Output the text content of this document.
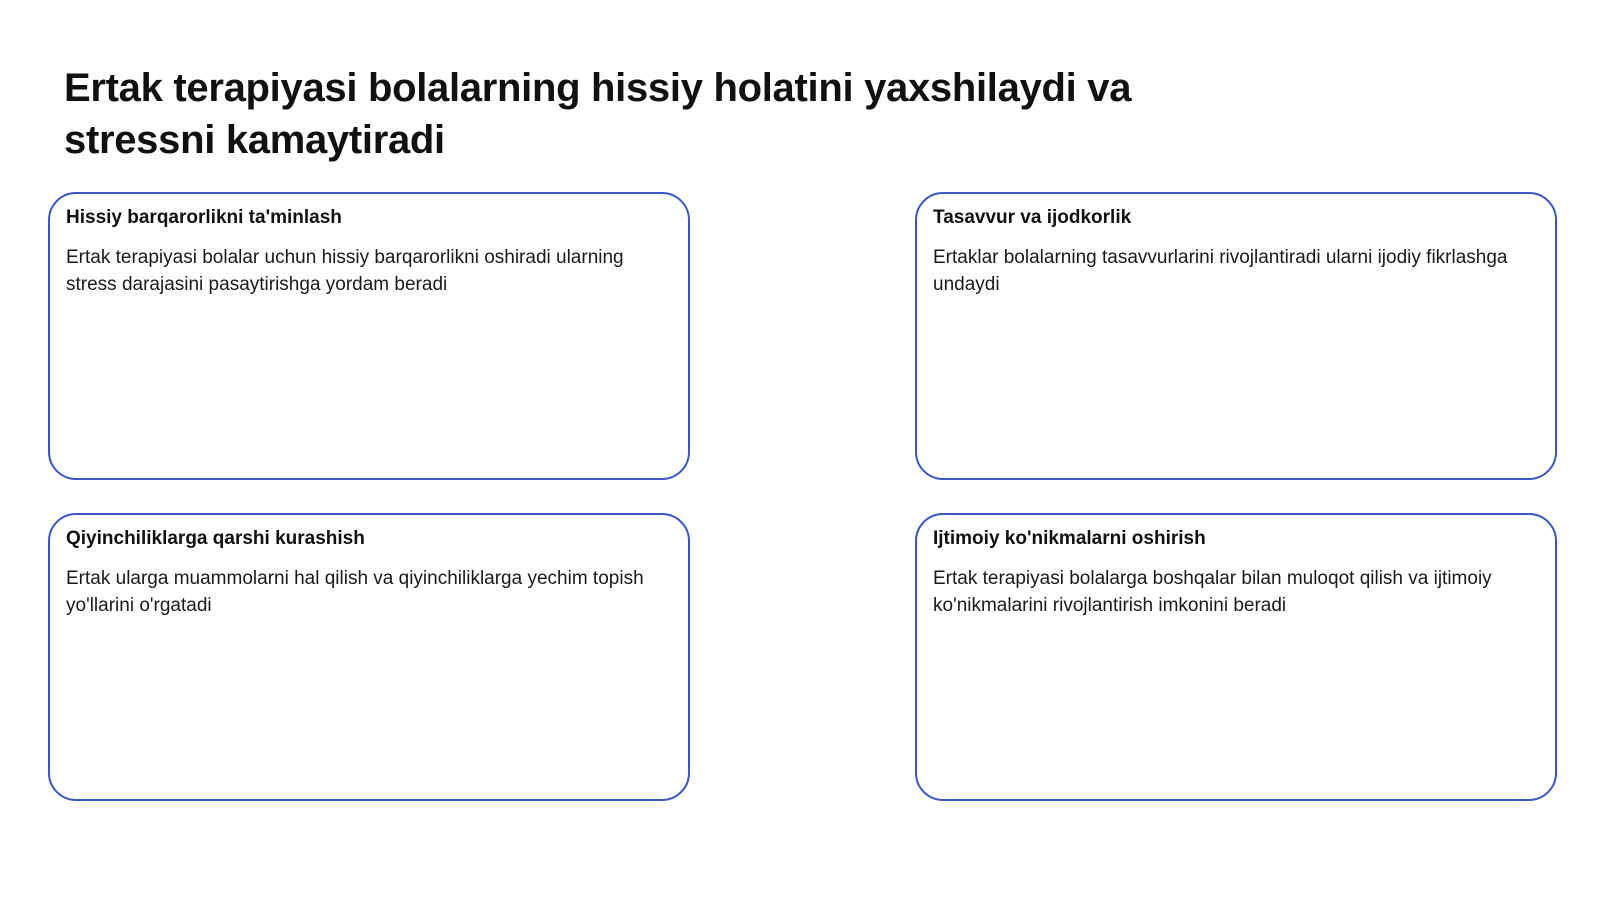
Ertak terapiyasi bolalarning hissiy holatini yaxshilaydi va stressni kamaytiradi
Hissiy barqarorlikni ta'minlash

Ertak terapiyasi bolalar uchun hissiy barqarorlikni oshiradi ularning stress darajasini pasaytirishga yordam beradi

Tasavvur va ijodkorlik

Ertaklar bolalarning tasavvurlarini rivojlantiradi ularni ijodiy fikrlashga undaydi

Qiyinchiliklarga qarshi kurashish

Ertak ularga muammolarni hal qilish va qiyinchiliklarga yechim topish yo'llarini o'rgatadi

Ijtimoiy ko'nikmalarni oshirish

Ertak terapiyasi bolalarga boshqalar bilan muloqot qilish va ijtimoiy ko'nikmalarini rivojlantirish imkonini beradi
